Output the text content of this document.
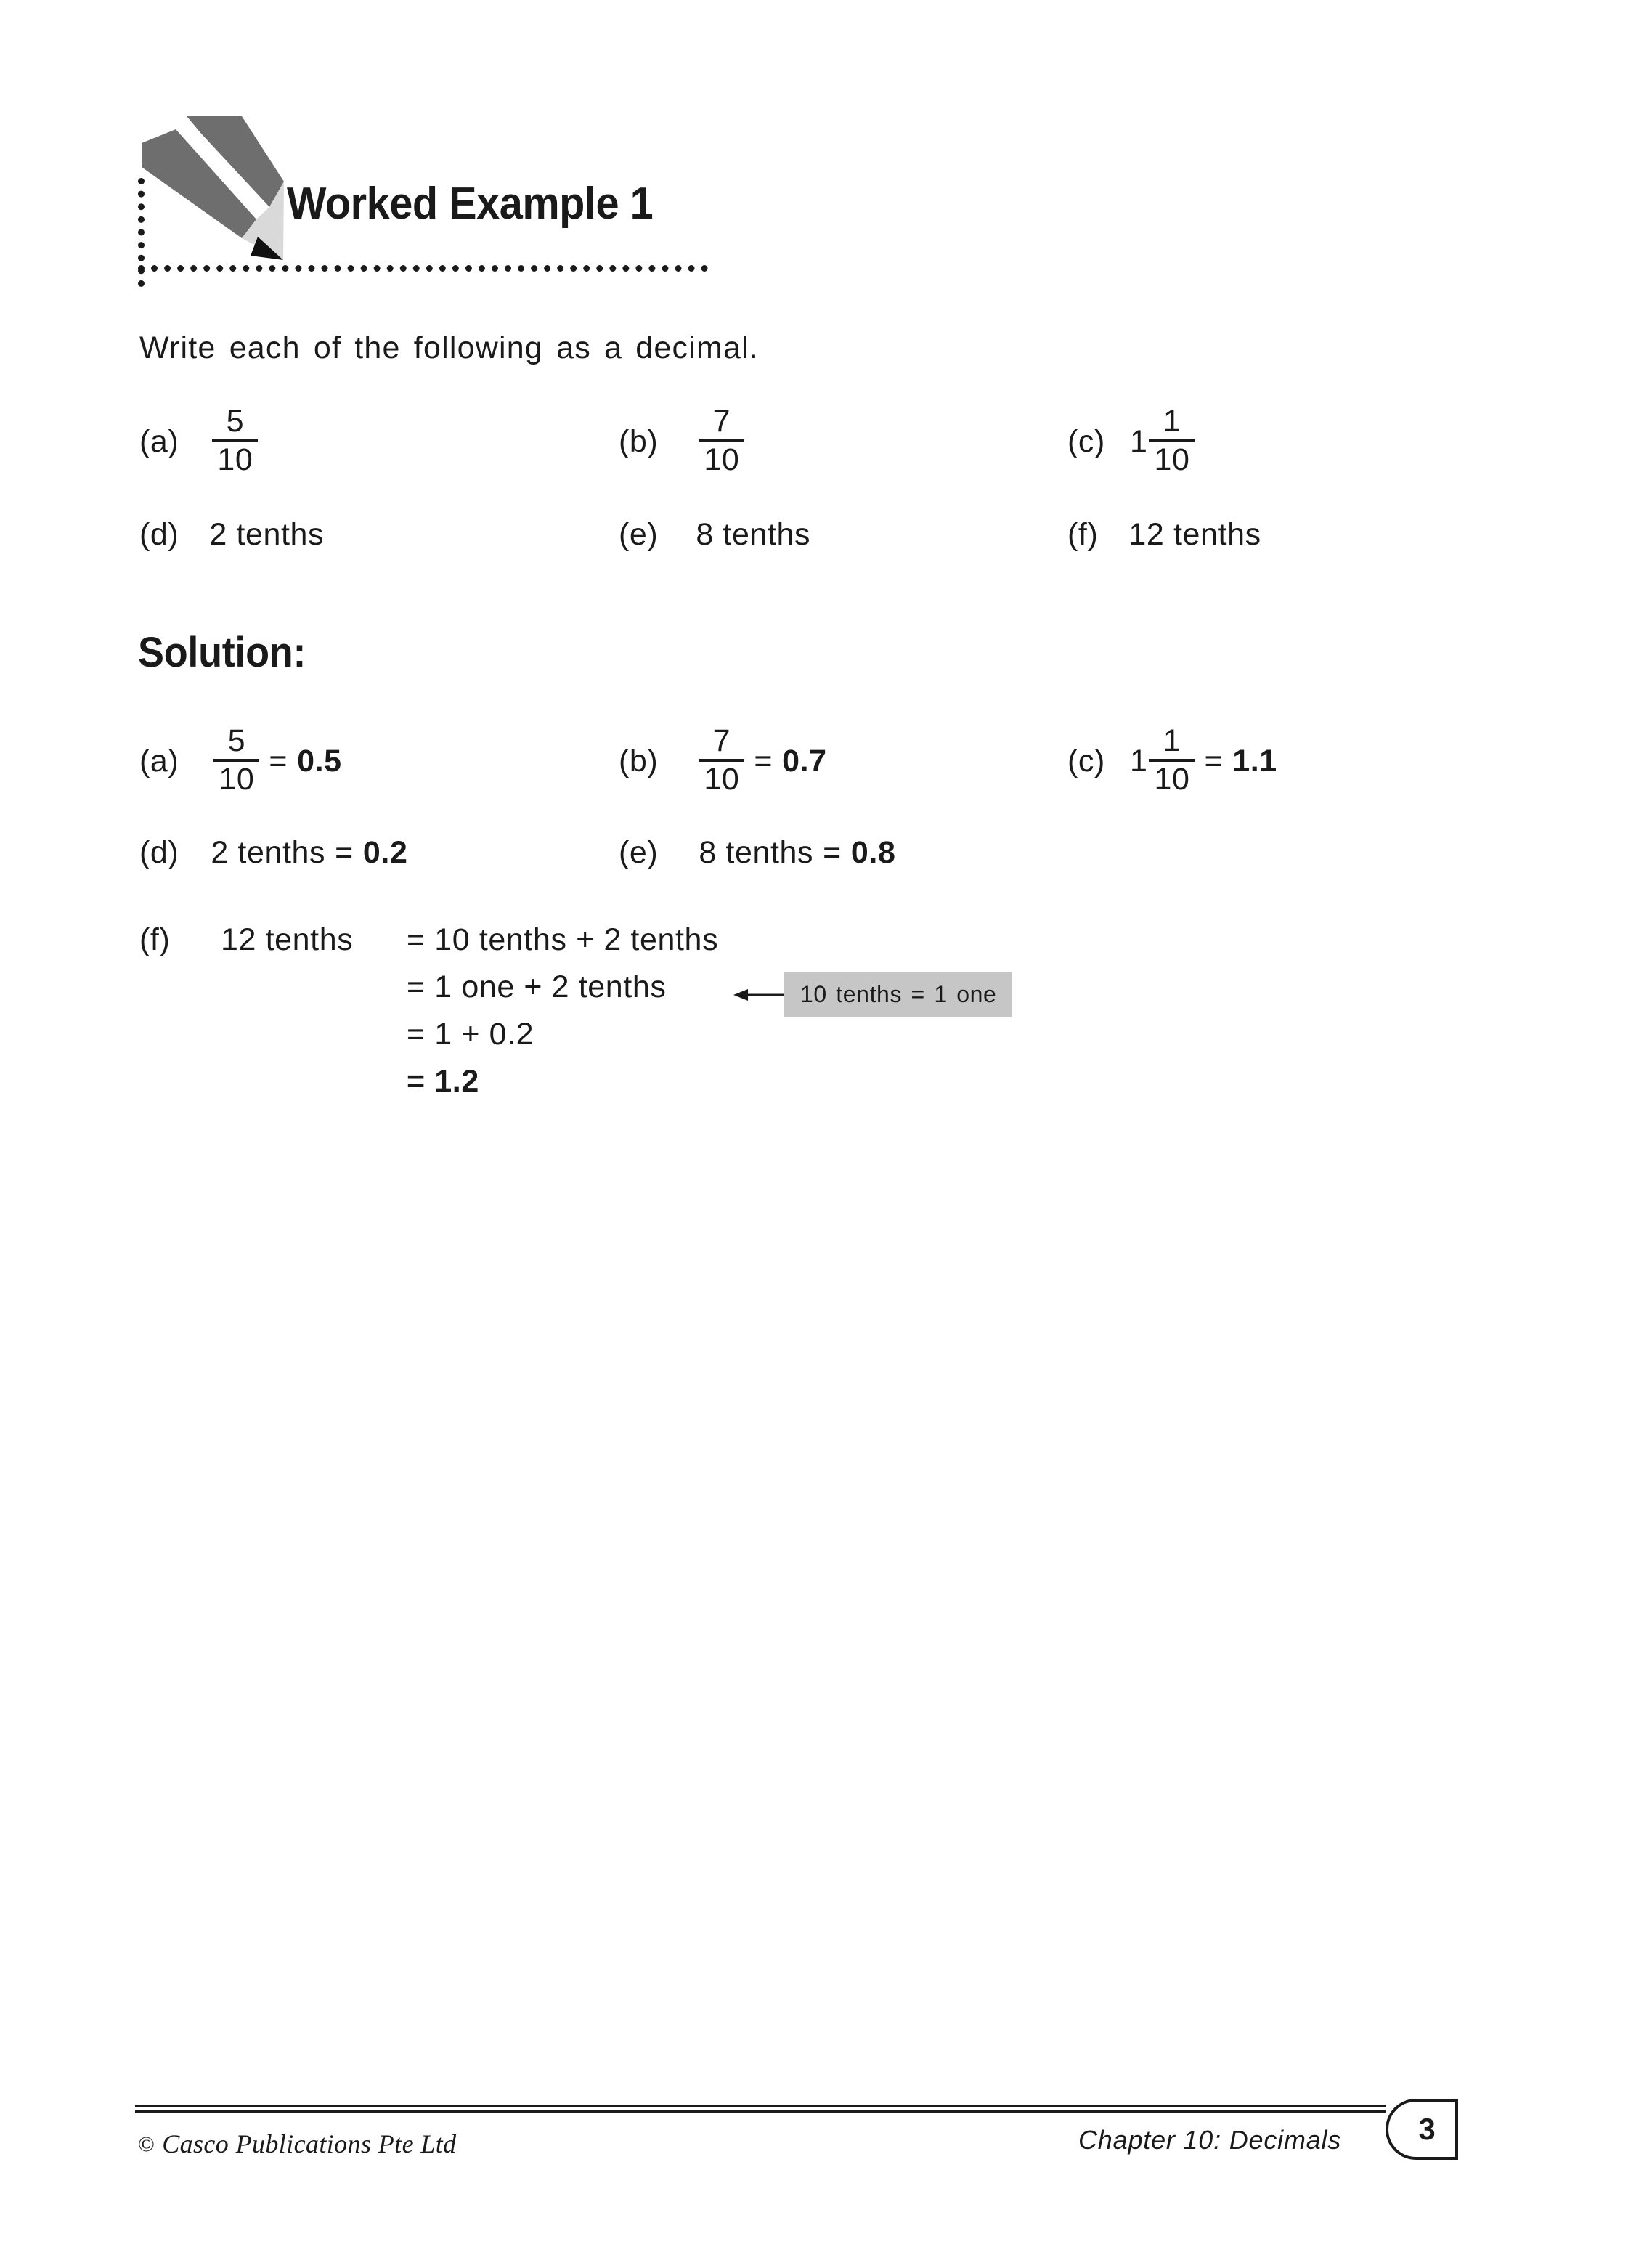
Worked Example 1
Write each of the following as a decimal.
$(a) \frac{5}{10}$	$(b) \frac{7}{10}$	(c) $1 \frac{1}{10}$
(d) 2 tenths	(e) 8 tenths	(f) 12 tenths
Solution:
$(a) \frac{5}{10} = 0.5$	$(b) \frac{7}{10} = 0.7$	(c) $1 \frac{1}{10} = 1.1$
(d) 2 tenths = 0.2	(e) 8 tenths = 0.8
(f) 12 tenths = 10 tenths + 2 tenths
= 1 one + 2 tenths
= 1 + 0.2
= 1.2
10 tenths = 1 one
© Casco Publications Pte Ltd	Chapter 10: Decimals	3
